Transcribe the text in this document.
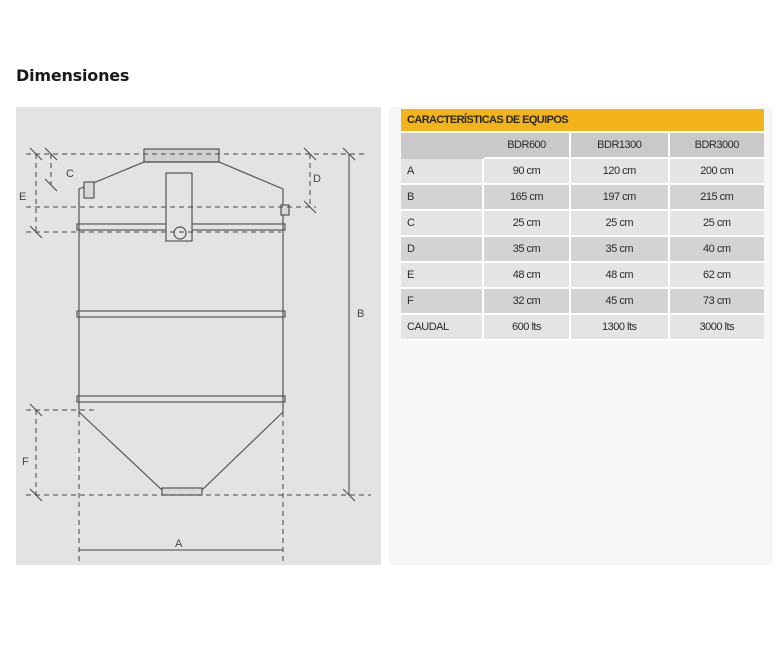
Dimensiones
E
C	D
B
F
A
CARACTERÍSTICAS DE EQUIPOS			
	BDR600	BDR1300	BDR3000
A	90 cm	120 cm	200 cm
B	165 cm	197 cm	215 cm
C	25 cm	25 cm	25 cm
D	35 cm	35 cm	40 cm
E	48 cm	48 cm	62 cm
F	32 cm	45 cm	73 cm
CAUDAL	600 lts	1300 lts	3000 lts
